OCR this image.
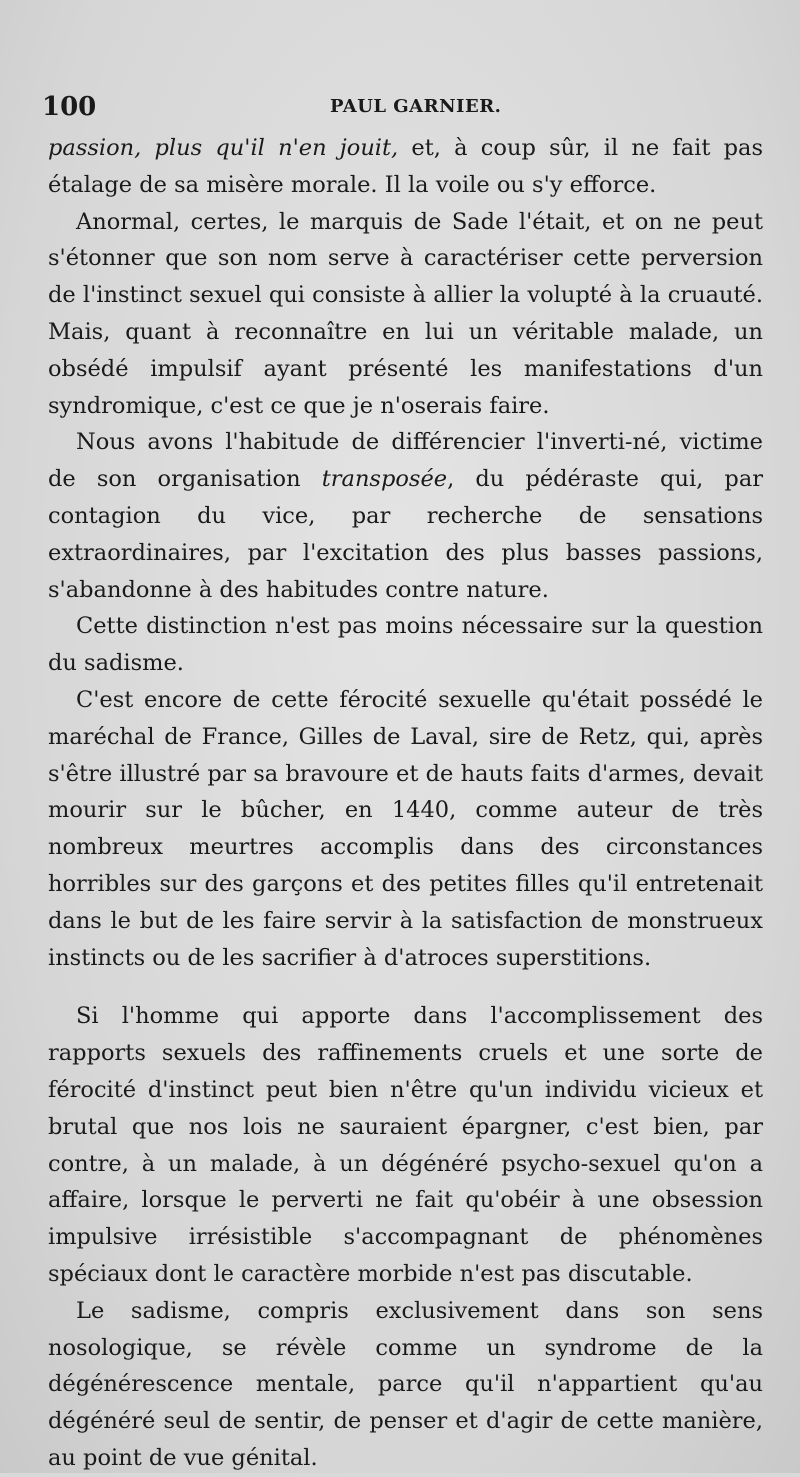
100	PAUL GARNIER.

passion, plus qu'il n'en jouit, et, à coup sûr, il ne fait pas étalage de sa misère morale. Il la voile ou s'y efforce.

Anormal, certes, le marquis de Sade l'était, et on ne peut s'étonner que son nom serve à caractériser cette perversion de l'instinct sexuel qui consiste à allier la volupté à la cruauté. Mais, quant à reconnaître en lui un véritable malade, un obsédé impulsif ayant présenté les manifestations d'un syndromique, c'est ce que je n'oserais faire.

Nous avons l'habitude de différencier l'inverti-né, victime de son organisation transposée, du pédéraste qui, par contagion du vice, par recherche de sensations extraordinaires, par l'excitation des plus basses passions, s'abandonne à des habitudes contre nature.

Cette distinction n'est pas moins nécessaire sur la question du sadisme.

C'est encore de cette férocité sexuelle qu'était possédé le maréchal de France, Gilles de Laval, sire de Retz, qui, après s'être illustré par sa bravoure et de hauts faits d'armes, devait mourir sur le bûcher, en 1440, comme auteur de très nombreux meurtres accomplis dans des circonstances horribles sur des garçons et des petites filles qu'il entretenait dans le but de les faire servir à la satisfaction de monstrueux instincts ou de les sacrifier à d'atroces superstitions.

Si l'homme qui apporte dans l'accomplissement des rapports sexuels des raffinements cruels et une sorte de férocité d'instinct peut bien n'être qu'un individu vicieux et brutal que nos lois ne sauraient épargner, c'est bien, par contre, à un malade, à un dégénéré psycho-sexuel qu'on a affaire, lorsque le perverti ne fait qu'obéir à une obsession impulsive irrésistible s'accompagnant de phénomènes spéciaux dont le caractère morbide n'est pas discutable.

Le sadisme, compris exclusivement dans son sens nosologique, se révèle comme un syndrome de la dégénérescence mentale, parce qu'il n'appartient qu'au dégénéré seul de sentir, de penser et d'agir de cette manière, au point de vue génital.
